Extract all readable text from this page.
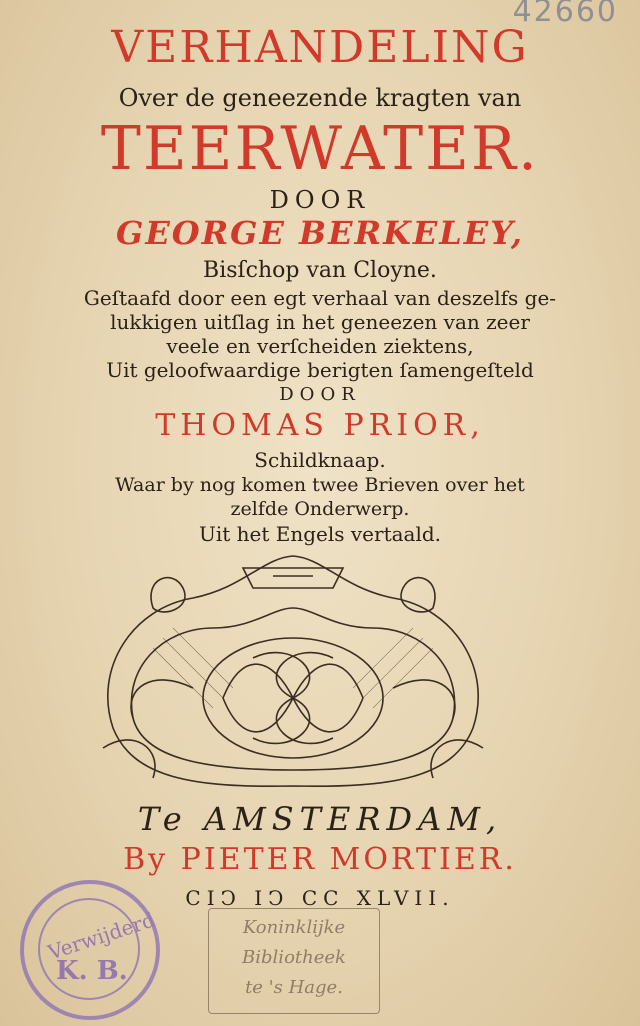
42660
VERHANDELING
Over de geneezende kragten van
TEERWATER.
DOOR
GEORGE BERKELEY,
Bisſchop van Cloyne.
Geſtaafd door een egt verhaal van deszelfs ge-
lukkigen uitſlag in het geneezen van zeer
veele en verſcheiden ziektens,
Uit geloofwaardige berigten ſamengeſteld
DOOR
THOMAS PRIOR,
Schildknaap.
Waar by nog komen twee Brieven over het
zelfde Onderwerp.
Uit het Engels vertaald.
Te AMSTERDAM,
By PIETER MORTIER.
CIↃ IↃ CC XLVII.
Verwijderd
K. B.
Koninklijke
Bibliotheek
te 's Hage.
